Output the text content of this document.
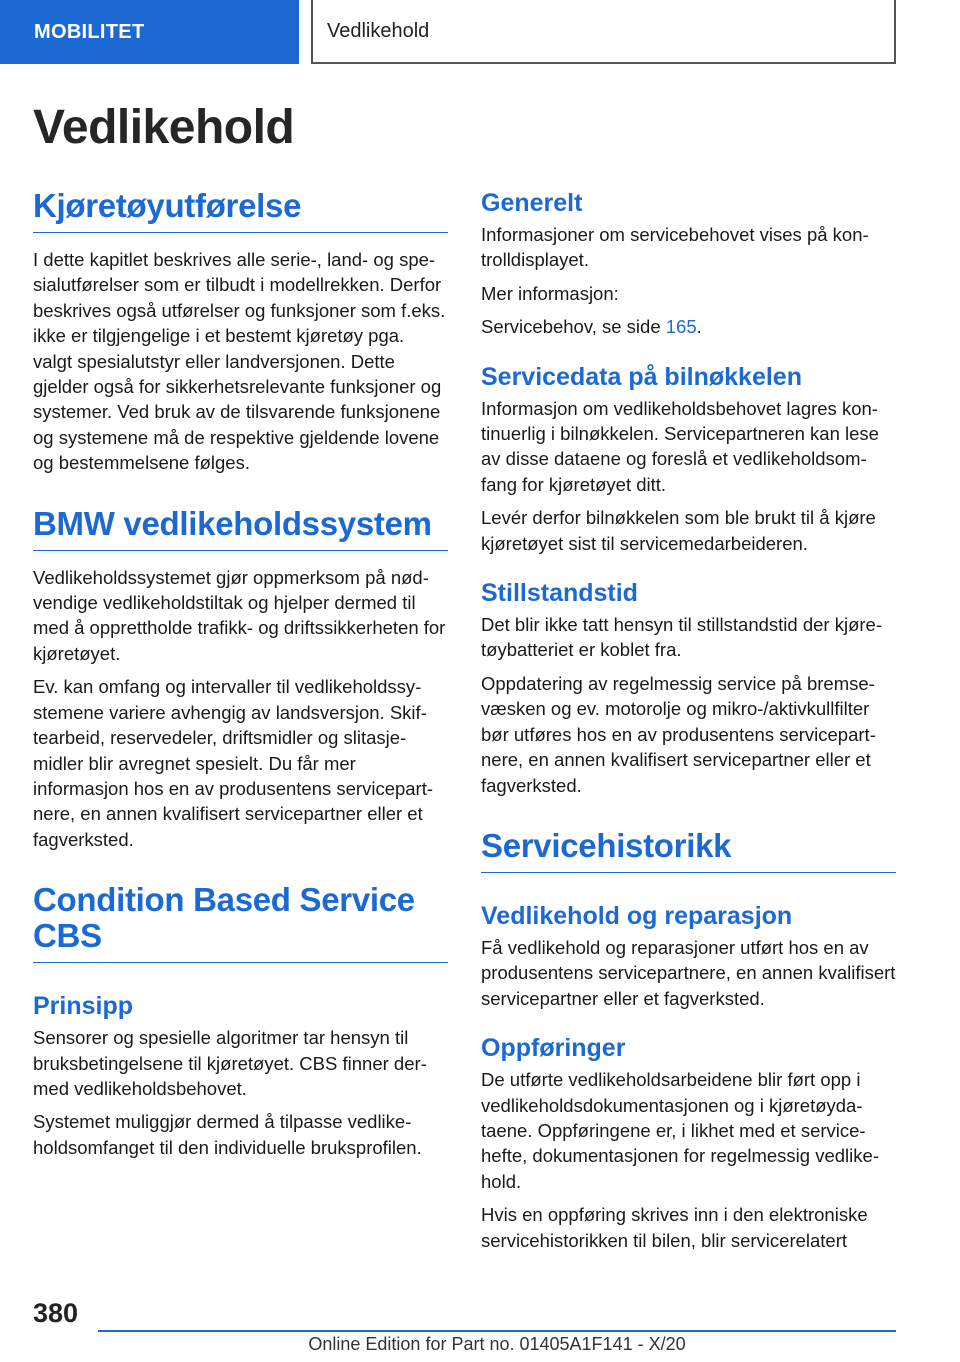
MOBILITET	Vedlikehold
Vedlikehold
Kjøretøyutførelse

I dette kapitlet beskrives alle serie-, land- og spesialutførelser som er tilbudt i modellrekken. Derfor beskrives også utførelser og funksjoner som f.eks. ikke er tilgjengelige i et bestemt kjøretøy pga. valgt spesialutstyr eller landversjonen. Dette gjelder også for sikkerhetsrelevante funksjoner og systemer. Ved bruk av de tilsvarende funksjonene og systemene må de respektive gjeldende lovene og bestemmelsene følges.

BMW vedlikeholdssystem

Vedlikeholdssystemet gjør oppmerksom på nødvendige vedlikeholdstiltak og hjelper dermed til med å opprettholde trafikk- og driftssikkerheten for kjøretøyet.

Ev. kan omfang og intervaller til vedlikeholdssystemene variere avhengig av landsversjon. Skiftearbeid, reservedeler, driftsmidler og slitasjemidler blir avregnet spesielt. Du får mer informasjon hos en av produsentens servicepartnere, en annen kvalifisert servicepartner eller et fagverksted.

Condition Based Service CBS
Prinsipp

Sensorer og spesielle algoritmer tar hensyn til bruksbetingelsene til kjøretøyet. CBS finner dermed vedlikeholdsbehovet.

Systemet muliggjør dermed å tilpasse vedlikeholdsomfanget til den individuelle bruksprofilen.

Generelt

Informasjoner om servicebehovet vises på kontrolldisplayet.

Mer informasjon:

Servicebehov, se side 165.

Servicedata på bilnøkkelen

Informasjon om vedlikeholdsbehovet lagres kontinuerlig i bilnøkkelen. Servicepartneren kan lese av disse dataene og foreslå et vedlikeholdsomfang for kjøretøyet ditt.

Levér derfor bilnøkkelen som ble brukt til å kjøre kjøretøyet sist til servicemedarbeideren.

Stillstandstid

Det blir ikke tatt hensyn til stillstandstid der kjøretøybatteriet er koblet fra.

Oppdatering av regelmessig service på bremsevæsken og ev. motorolje og mikro-/aktivkullfilter bør utføres hos en av produsentens servicepartnere, en annen kvalifisert servicepartner eller et fagverksted.

Servicehistorikk
Vedlikehold og reparasjon

Få vedlikehold og reparasjoner utført hos en av produsentens servicepartnere, en annen kvalifisert servicepartner eller et fagverksted.

Oppføringer

De utførte vedlikeholdsarbeidene blir ført opp i vedlikeholdsdokumentasjonen og i kjøretøydataene. Oppføringene er, i likhet med et servicehefte, dokumentasjonen for regelmessig vedlikehold.

Hvis en oppføring skrives inn i den elektroniske servicehistorikken til bilen, blir servicerelatert

380
Online Edition for Part no. 01405A1F141 - X/20
